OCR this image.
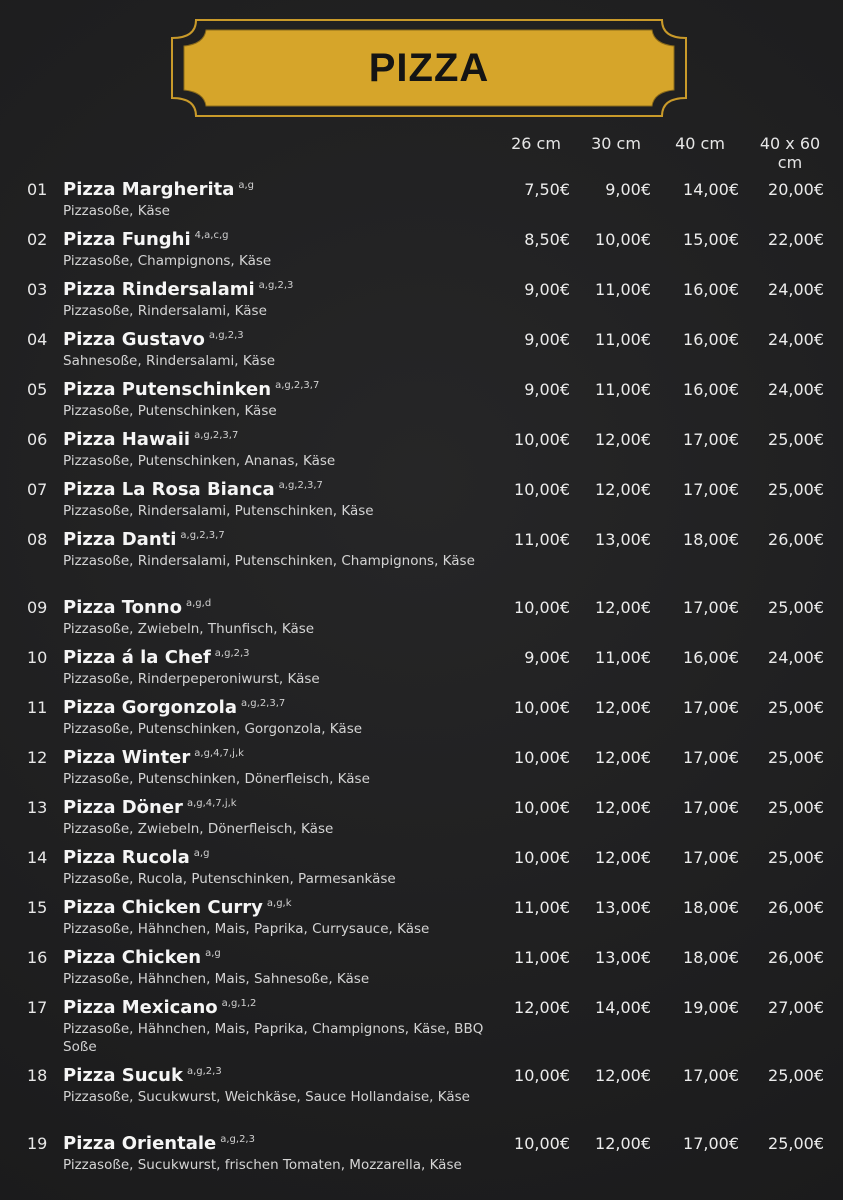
PIZZA
26 cm	30 cm	40 cm	40 x 60 cm
01 Pizza Margherita $^{a,g}$
Pizzasoße, Käse
7,50€ 9,00€ 14,00€ 20,00€
02 Pizza Funghi $^{4,a,c,g}$
Pizzasoße, Champignons, Käse
8,50€ 10,00€ 15,00€ 22,00€
03 Pizza Rindersalami $^{a,g,2,3}$
Pizzasoße, Rindersalami, Käse
9,00€ 11,00€ 16,00€ 24,00€
04 Pizza Gustavo $^{a,g,2,3}$
Sahnesoße, Rindersalami, Käse
9,00€ 11,00€ 16,00€ 24,00€
05 Pizza Putenschinken $^{a,g,2,3,7}$
Pizzasoße, Putenschinken, Käse
9,00€ 11,00€ 16,00€ 24,00€
06 Pizza Hawaii $^{a,g,2,3,7}$
Pizzasoße, Putenschinken, Ananas, Käse
10,00€ 12,00€ 17,00€ 25,00€
07 Pizza La Rosa Bianca $^{a,g,2,3,7}$
Pizzasoße, Rindersalami, Putenschinken, Käse
10,00€ 12,00€ 17,00€ 25,00€
08 Pizza Danti $^{a,g,2,3,7}$
Pizzasoße, Rindersalami, Putenschinken, Champignons, Käse
11,00€ 13,00€ 18,00€ 26,00€
09 Pizza Tonno $^{a,g,d}$
Pizzasoße, Zwiebeln, Thunfisch, Käse
10,00€ 12,00€ 17,00€ 25,00€
10 Pizza á la Chef $^{a,g,2,3}$
Pizzasoße, Rinderpeperoniwurst, Käse
9,00€ 11,00€ 16,00€ 24,00€
11 Pizza Gorgonzola $^{a,g,2,3,7}$
Pizzasoße, Putenschinken, Gorgonzola, Käse
10,00€ 12,00€ 17,00€ 25,00€
12 Pizza Winter $^{a,g,4,7,j,k}$
Pizzasoße, Putenschinken, Dönerfleisch, Käse
10,00€ 12,00€ 17,00€ 25,00€
13 Pizza Döner $^{a,g,4,7,j,k}$
Pizzasoße, Zwiebeln, Dönerfleisch, Käse
10,00€ 12,00€ 17,00€ 25,00€
14 Pizza Rucola $^{a,g}$
Pizzasoße, Rucola, Putenschinken, Parmesankäse
10,00€ 12,00€ 17,00€ 25,00€
15 Pizza Chicken Curry $^{a,g,k}$
Pizzasoße, Hähnchen, Mais, Paprika, Currysauce, Käse
11,00€ 13,00€ 18,00€ 26,00€
16 Pizza Chicken $^{a,g}$
Pizzasoße, Hähnchen, Mais, Sahnesoße, Käse
11,00€ 13,00€ 18,00€ 26,00€
17 Pizza Mexicano $^{a,g,1,2}$
Pizzasoße, Hähnchen, Mais, Paprika, Champignons, Käse, BBQ Soße
12,00€ 14,00€ 19,00€ 27,00€
18 Pizza Sucuk $^{a,g,2,3}$
Pizzasoße, Sucukwurst, Weichkäse, Sauce Hollandaise, Käse
10,00€ 12,00€ 17,00€ 25,00€
19 Pizza Orientale $^{a,g,2,3}$
Pizzasoße, Sucukwurst, frischen Tomaten, Mozzarella, Käse
10,00€ 12,00€ 17,00€ 25,00€
